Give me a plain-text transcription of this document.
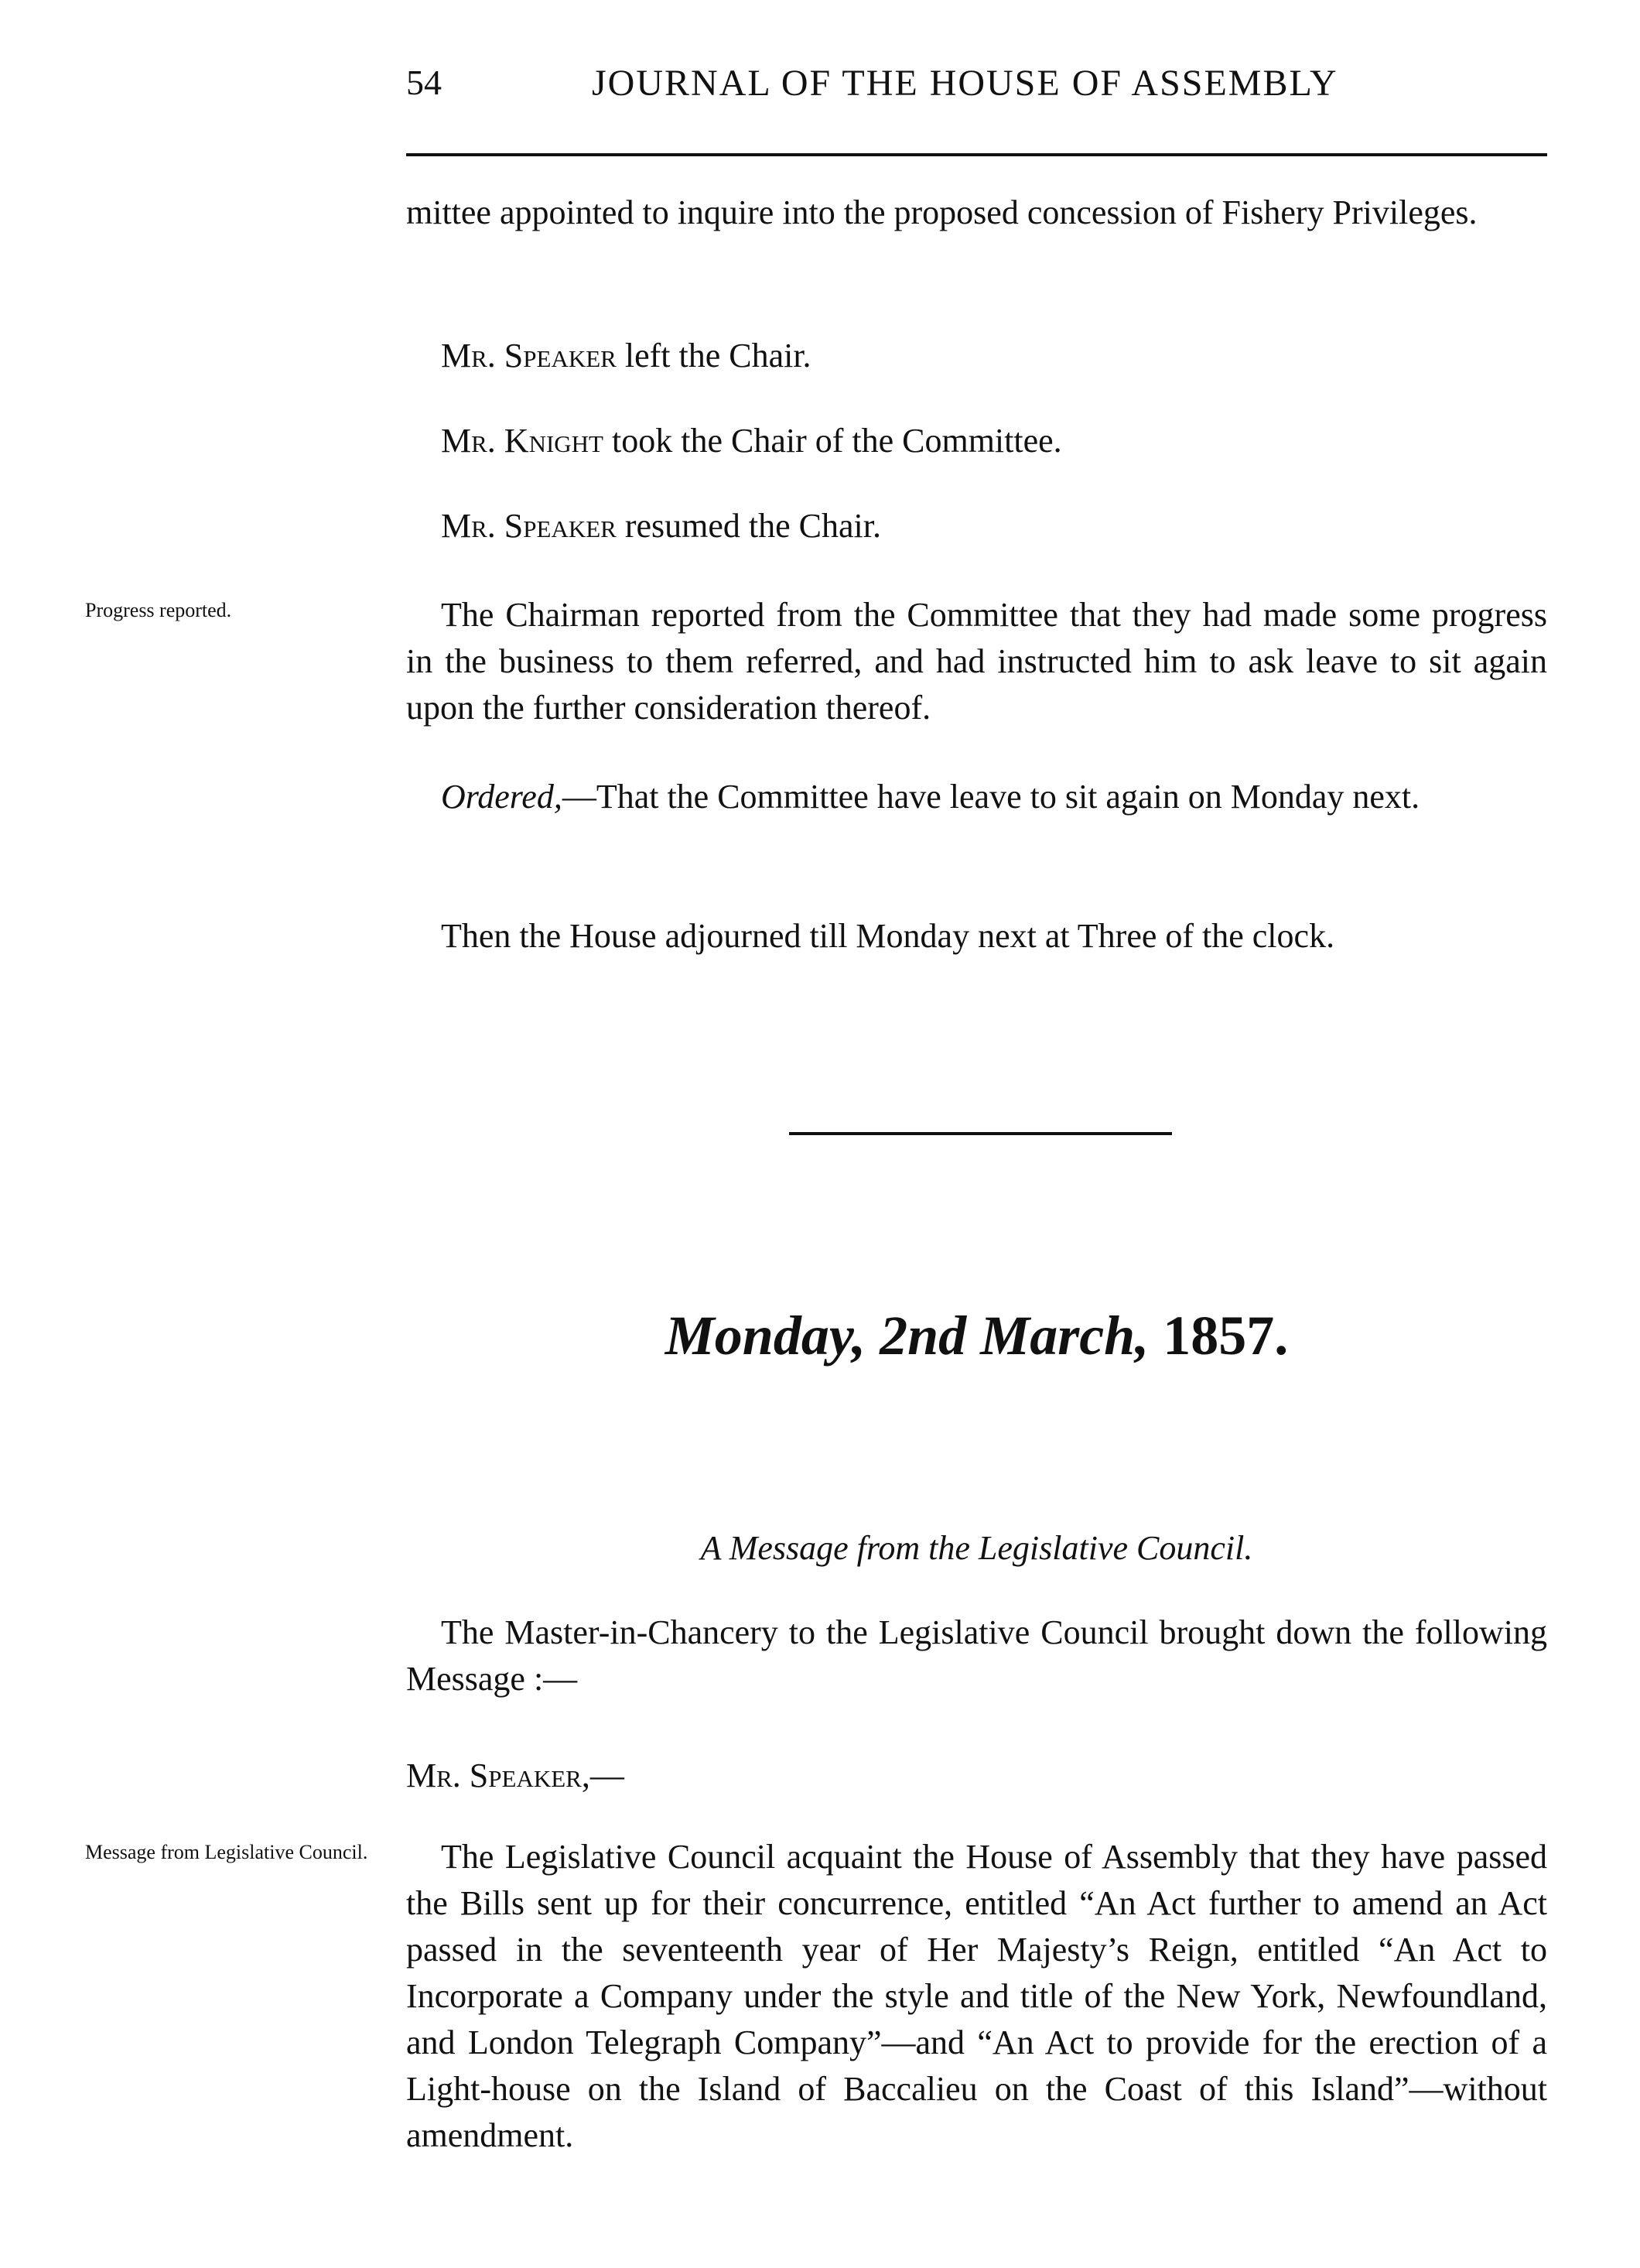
54	JOURNAL OF THE HOUSE OF ASSEMBLY

mittee appointed to inquire into the proposed concession of Fishery Privileges.

Mr. Speaker left the Chair.

Mr. Knight took the Chair of the Committee.

Mr. Speaker resumed the Chair.

Progress reported.	The Chairman reported from the Committee that they had made some progress in the business to them referred, and had instructed him to ask leave to sit again upon the further consideration thereof.

Ordered,—That the Committee have leave to sit again on Monday next.

Then the House adjourned till Monday next at Three of the clock.

Monday, 2nd March, 1857.
A Message from the Legislative Council.

The Master-in-Chancery to the Legislative Council brought down the following Message :—

Mr. Speaker,—
Message from Legislative Council.	The Legislative Council acquaint the House of Assembly that they have passed the Bills sent up for their concurrence, entitled “An Act further to amend an Act passed in the seventeenth year of Her Majesty’s Reign, entitled “An Act to Incorporate a Company under the style and title of the New York, Newfoundland, and London Telegraph Company”—and “An Act to provide for the erection of a Light-house on the Island of Baccalieu on the Coast of this Island”—without amendment.
